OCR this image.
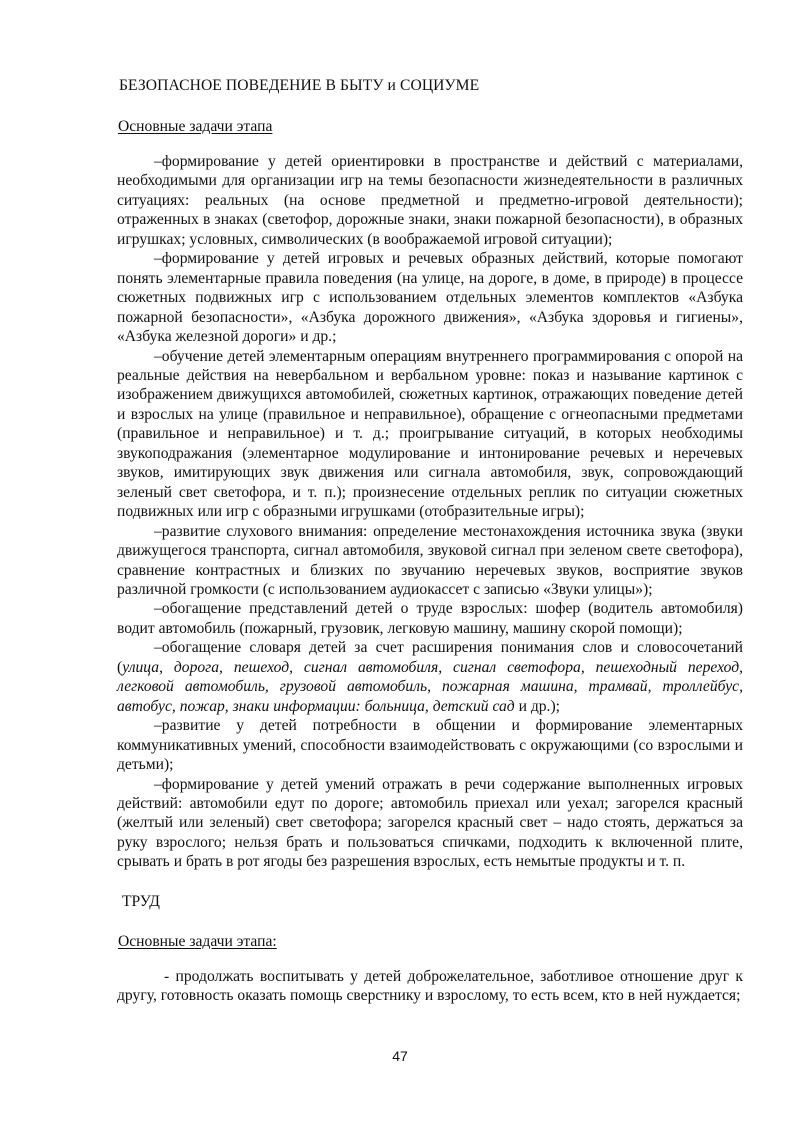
БЕЗОПАСНОЕ ПОВЕДЕНИЕ В БЫТУ и СОЦИУМЕ
Основные задачи этапа

–формирование у детей ориентировки в пространстве и действий с материалами, необходимыми для организации игр на темы безопасности жизнедеятельности в различных ситуациях: реальных (на основе предметной и предметно-игровой деятельности); отраженных в знаках (светофор, дорожные знаки, знаки пожарной безопасности), в образных игрушках; условных, символических (в воображаемой игровой ситуации);

–формирование у детей игровых и речевых образных действий, которые помогают понять элементарные правила поведения (на улице, на дороге, в доме, в природе) в процессе сюжетных подвижных игр с использованием отдельных элементов комплектов «Азбука пожарной безопасности», «Азбука дорожного движения», «Азбука здоровья и гигиены», «Азбука железной дороги» и др.;

–обучение детей элементарным операциям внутреннего программирования с опорой на реальные действия на невербальном и вербальном уровне: показ и называние картинок с изображением движущихся автомобилей, сюжетных картинок, отражающих поведение детей и взрослых на улице (правильное и неправильное), обращение с огнеопасными предметами (правильное и неправильное) и т. д.; проигрывание ситуаций, в которых необходимы звукоподражания (элементарное модулирование и интонирование речевых и неречевых звуков, имитирующих звук движения или сигнала автомобиля, звук, сопровождающий зеленый свет светофора, и т. п.); произнесение отдельных реплик по ситуации сюжетных подвижных или игр с образными игрушками (отобразительные игры);

–развитие слухового внимания: определение местонахождения источника звука (звуки движущегося транспорта, сигнал автомобиля, звуковой сигнал при зеленом свете светофора), сравнение контрастных и близких по звучанию неречевых звуков, восприятие звуков различной громкости (с использованием аудиокассет с записью «Звуки улицы»);

–обогащение представлений детей о труде взрослых: шофер (водитель автомобиля) водит автомобиль (пожарный, грузовик, легковую машину, машину скорой помощи);

–обогащение словаря детей за счет расширения понимания слов и словосочетаний (улица, дорога, пешеход, сигнал автомобиля, сигнал светофора, пешеходный переход, легковой автомобиль, грузовой автомобиль, пожарная машина, трамвай, троллейбус, автобус, пожар, знаки информации: больница, детский сад и др.);

–развитие у детей потребности в общении и формирование элементарных коммуникативных умений, способности взаимодействовать с окружающими (со взрослыми и детьми);

–формирование у детей умений отражать в речи содержание выполненных игровых действий: автомобили едут по дороге; автомобиль приехал или уехал; загорелся красный (желтый или зеленый) свет светофора; загорелся красный свет – надо стоять, держаться за руку взрослого; нельзя брать и пользоваться спичками, подходить к включенной плите, срывать и брать в рот ягоды без разрешения взрослых, есть немытые продукты и т. п.

ТРУД
Основные задачи этапа:

- продолжать воспитывать у детей доброжелательное, заботливое отношение друг к другу, готовность оказать помощь сверстнику и взрослому, то есть всем, кто в ней нуждается;

47
